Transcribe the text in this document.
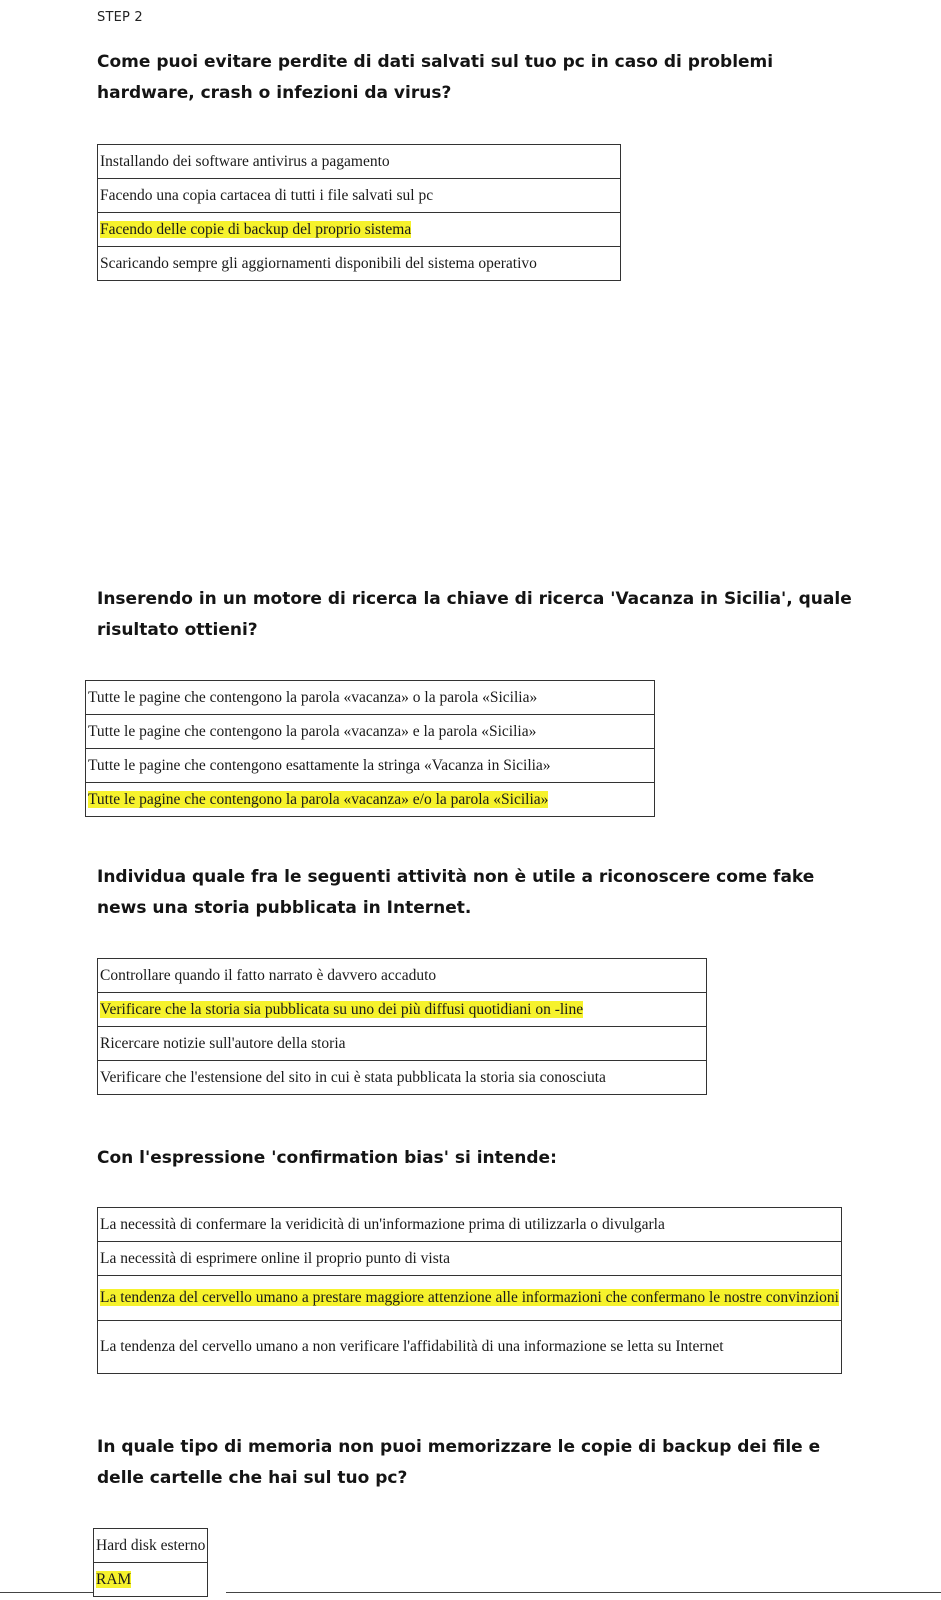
STEP 2

Come puoi evitare perdite di dati salvati sul tuo pc in caso di problemi hardware, crash o infezioni da virus?

Installando dei software antivirus a pagamento
Facendo una copia cartacea di tutti i file salvati sul pc
Facendo delle copie di backup del proprio sistema
Scaricando sempre gli aggiornamenti disponibili del sistema operativo

Inserendo in un motore di ricerca la chiave di ricerca 'Vacanza in Sicilia', quale risultato ottieni?

Tutte le pagine che contengono la parola «vacanza» o la parola «Sicilia»
Tutte le pagine che contengono la parola «vacanza» e la parola «Sicilia»
Tutte le pagine che contengono esattamente la stringa «Vacanza in Sicilia»
Tutte le pagine che contengono la parola «vacanza» e/o la parola «Sicilia»

Individua quale fra le seguenti attività non è utile a riconoscere come fake news una storia pubblicata in Internet.

Controllare quando il fatto narrato è davvero accaduto
Verificare che la storia sia pubblicata su uno dei più diffusi quotidiani on -line
Ricercare notizie sull'autore della storia
Verificare che l'estensione del sito in cui è stata pubblicata la storia sia conosciuta

Con l'espressione 'confirmation bias' si intende:

La necessità di confermare la veridicità di un'informazione prima di utilizzarla o divulgarla
La necessità di esprimere online il proprio punto di vista
La tendenza del cervello umano a prestare maggiore attenzione alle informazioni che confermano le nostre convinzioni
La tendenza del cervello umano a non verificare l'affidabilità di una informazione se letta su Internet

In quale tipo di memoria non puoi memorizzare le copie di backup dei file e delle cartelle che hai sul tuo pc?

Hard disk esterno
RAM
